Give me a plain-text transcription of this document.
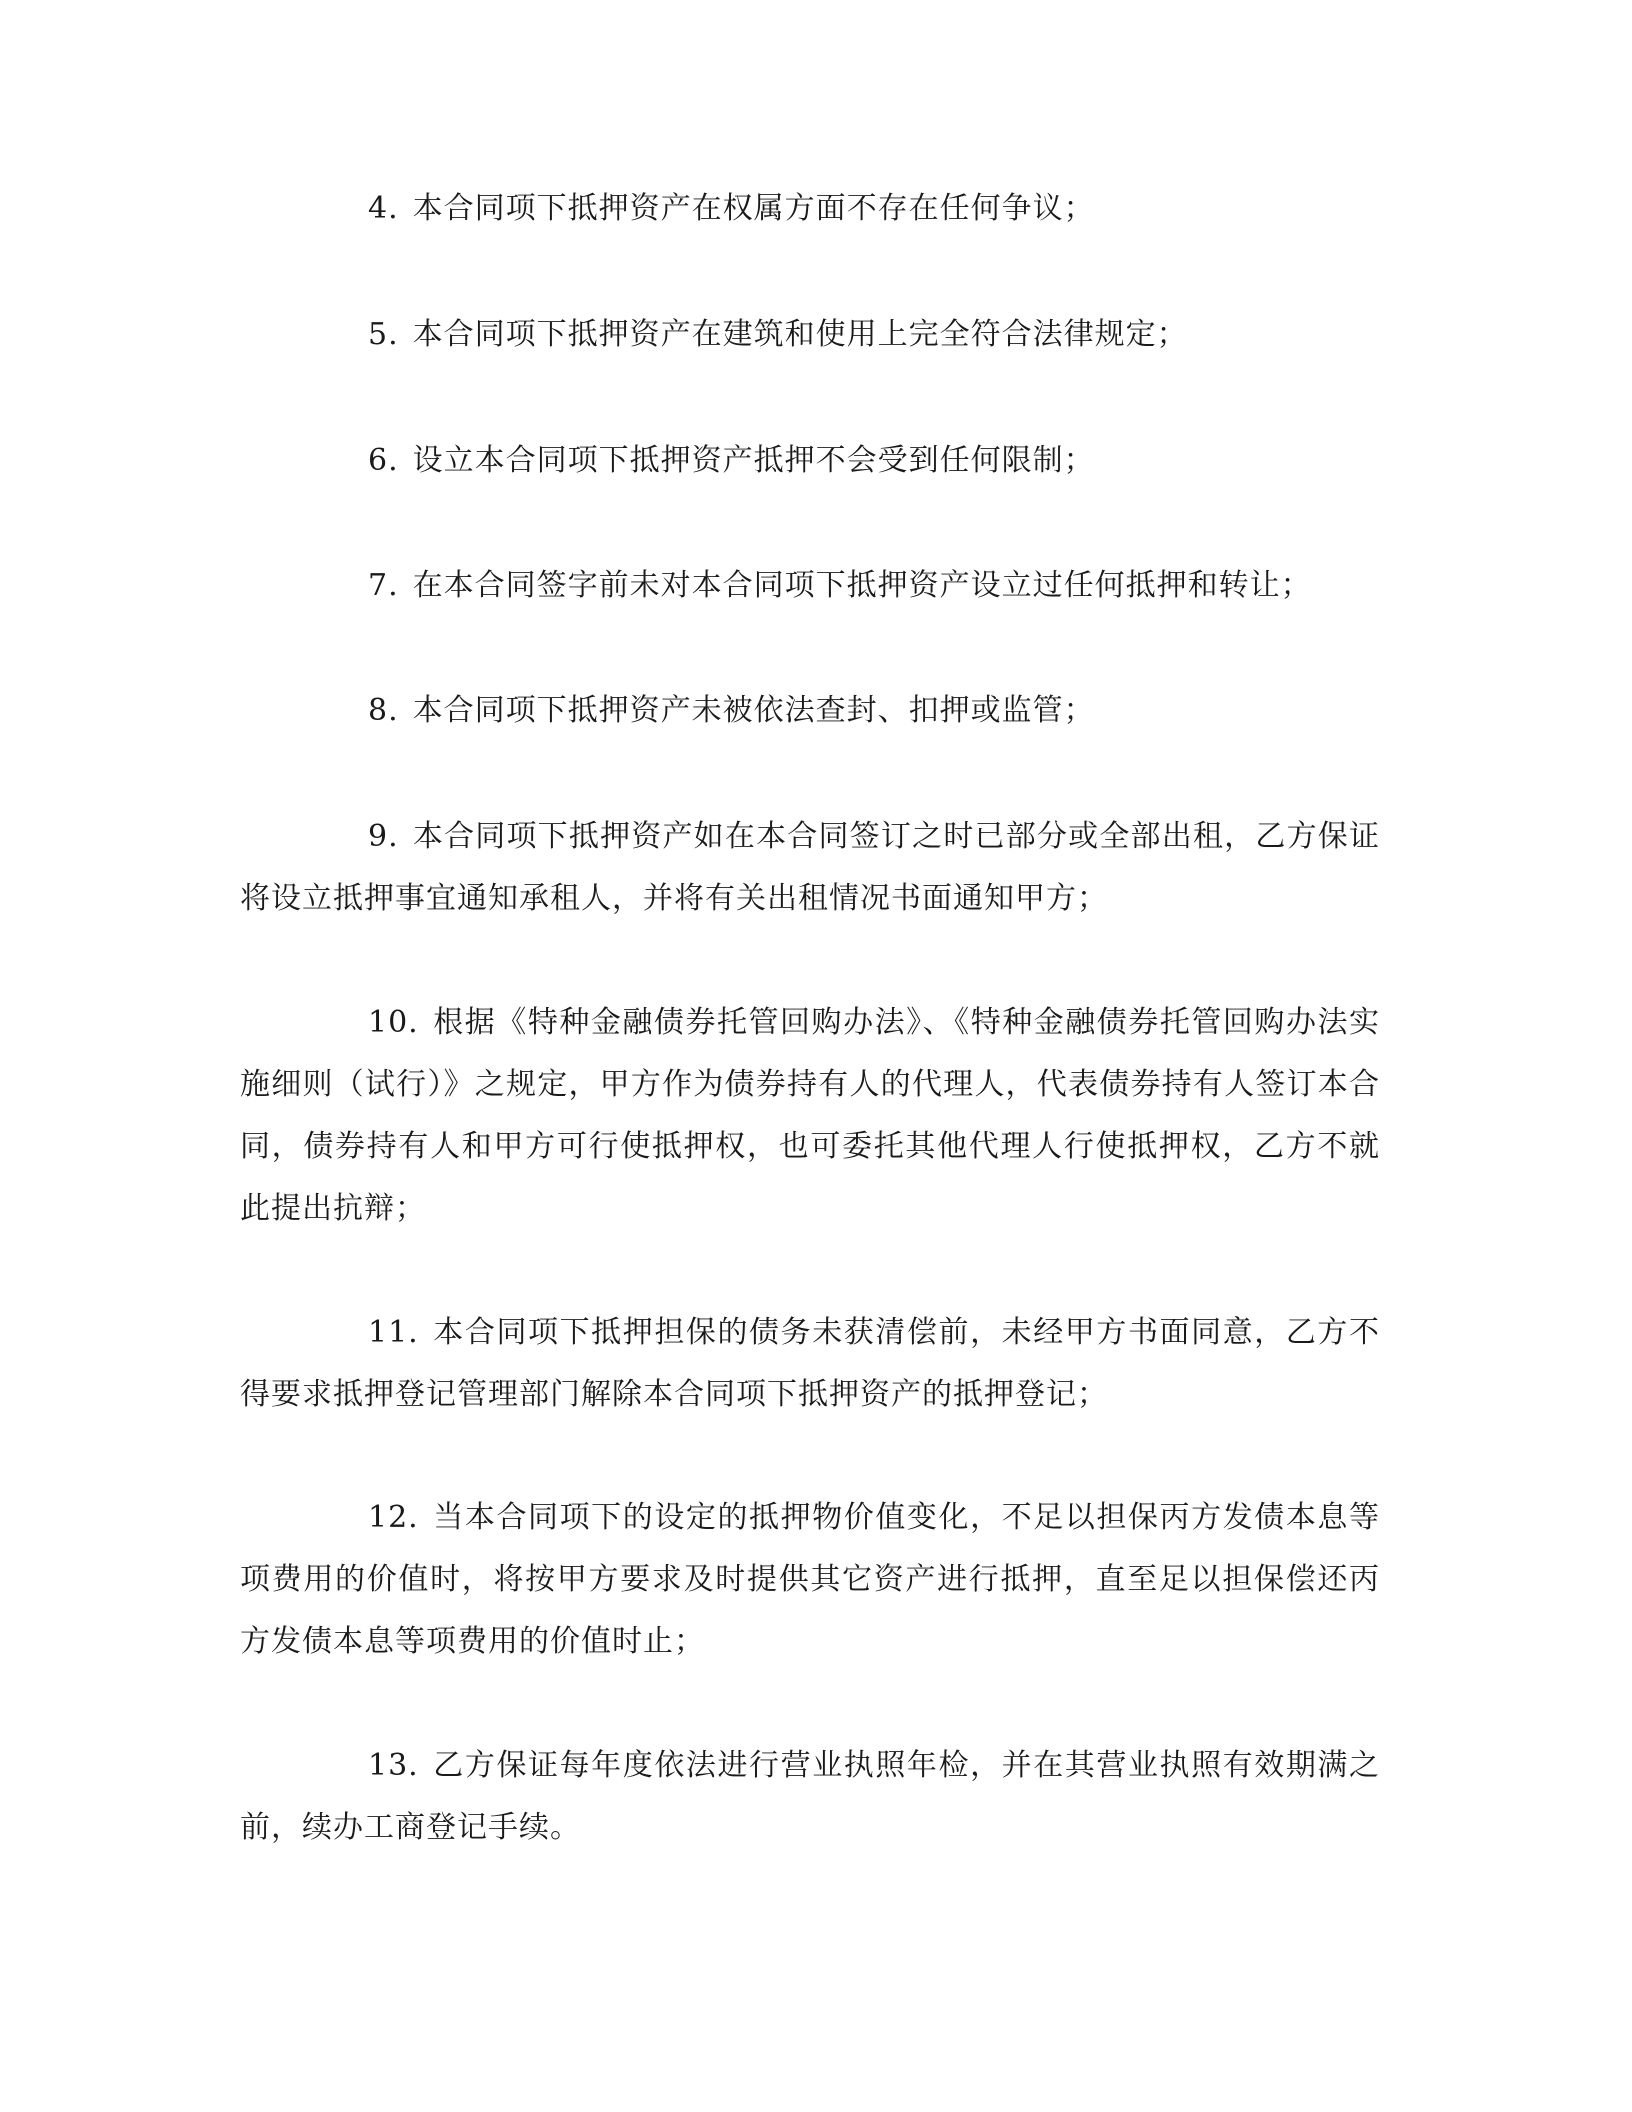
4. 本合同项下抵押资产在权属方面不存在任何争议；

5. 本合同项下抵押资产在建筑和使用上完全符合法律规定；

6. 设立本合同项下抵押资产抵押不会受到任何限制；

7. 在本合同签字前未对本合同项下抵押资产设立过任何抵押和转让；

8. 本合同项下抵押资产未被依法查封、扣押或监管；

9. 本合同项下抵押资产如在本合同签订之时已部分或全部出租，乙方保证将设立抵押事宜通知承租人，并将有关出租情况书面通知甲方；

10. 根据《特种金融债券托管回购办法》、《特种金融债券托管回购办法实施细则（试行）》之规定，甲方作为债券持有人的代理人，代表债券持有人签订本合同，债券持有人和甲方可行使抵押权，也可委托其他代理人行使抵押权，乙方不就此提出抗辩；

11. 本合同项下抵押担保的债务未获清偿前，未经甲方书面同意，乙方不得要求抵押登记管理部门解除本合同项下抵押资产的抵押登记；

12. 当本合同项下的设定的抵押物价值变化，不足以担保丙方发债本息等项费用的价值时，将按甲方要求及时提供其它资产进行抵押，直至足以担保偿还丙方发债本息等项费用的价值时止；

13. 乙方保证每年度依法进行营业执照年检，并在其营业执照有效期满之前，续办工商登记手续。
